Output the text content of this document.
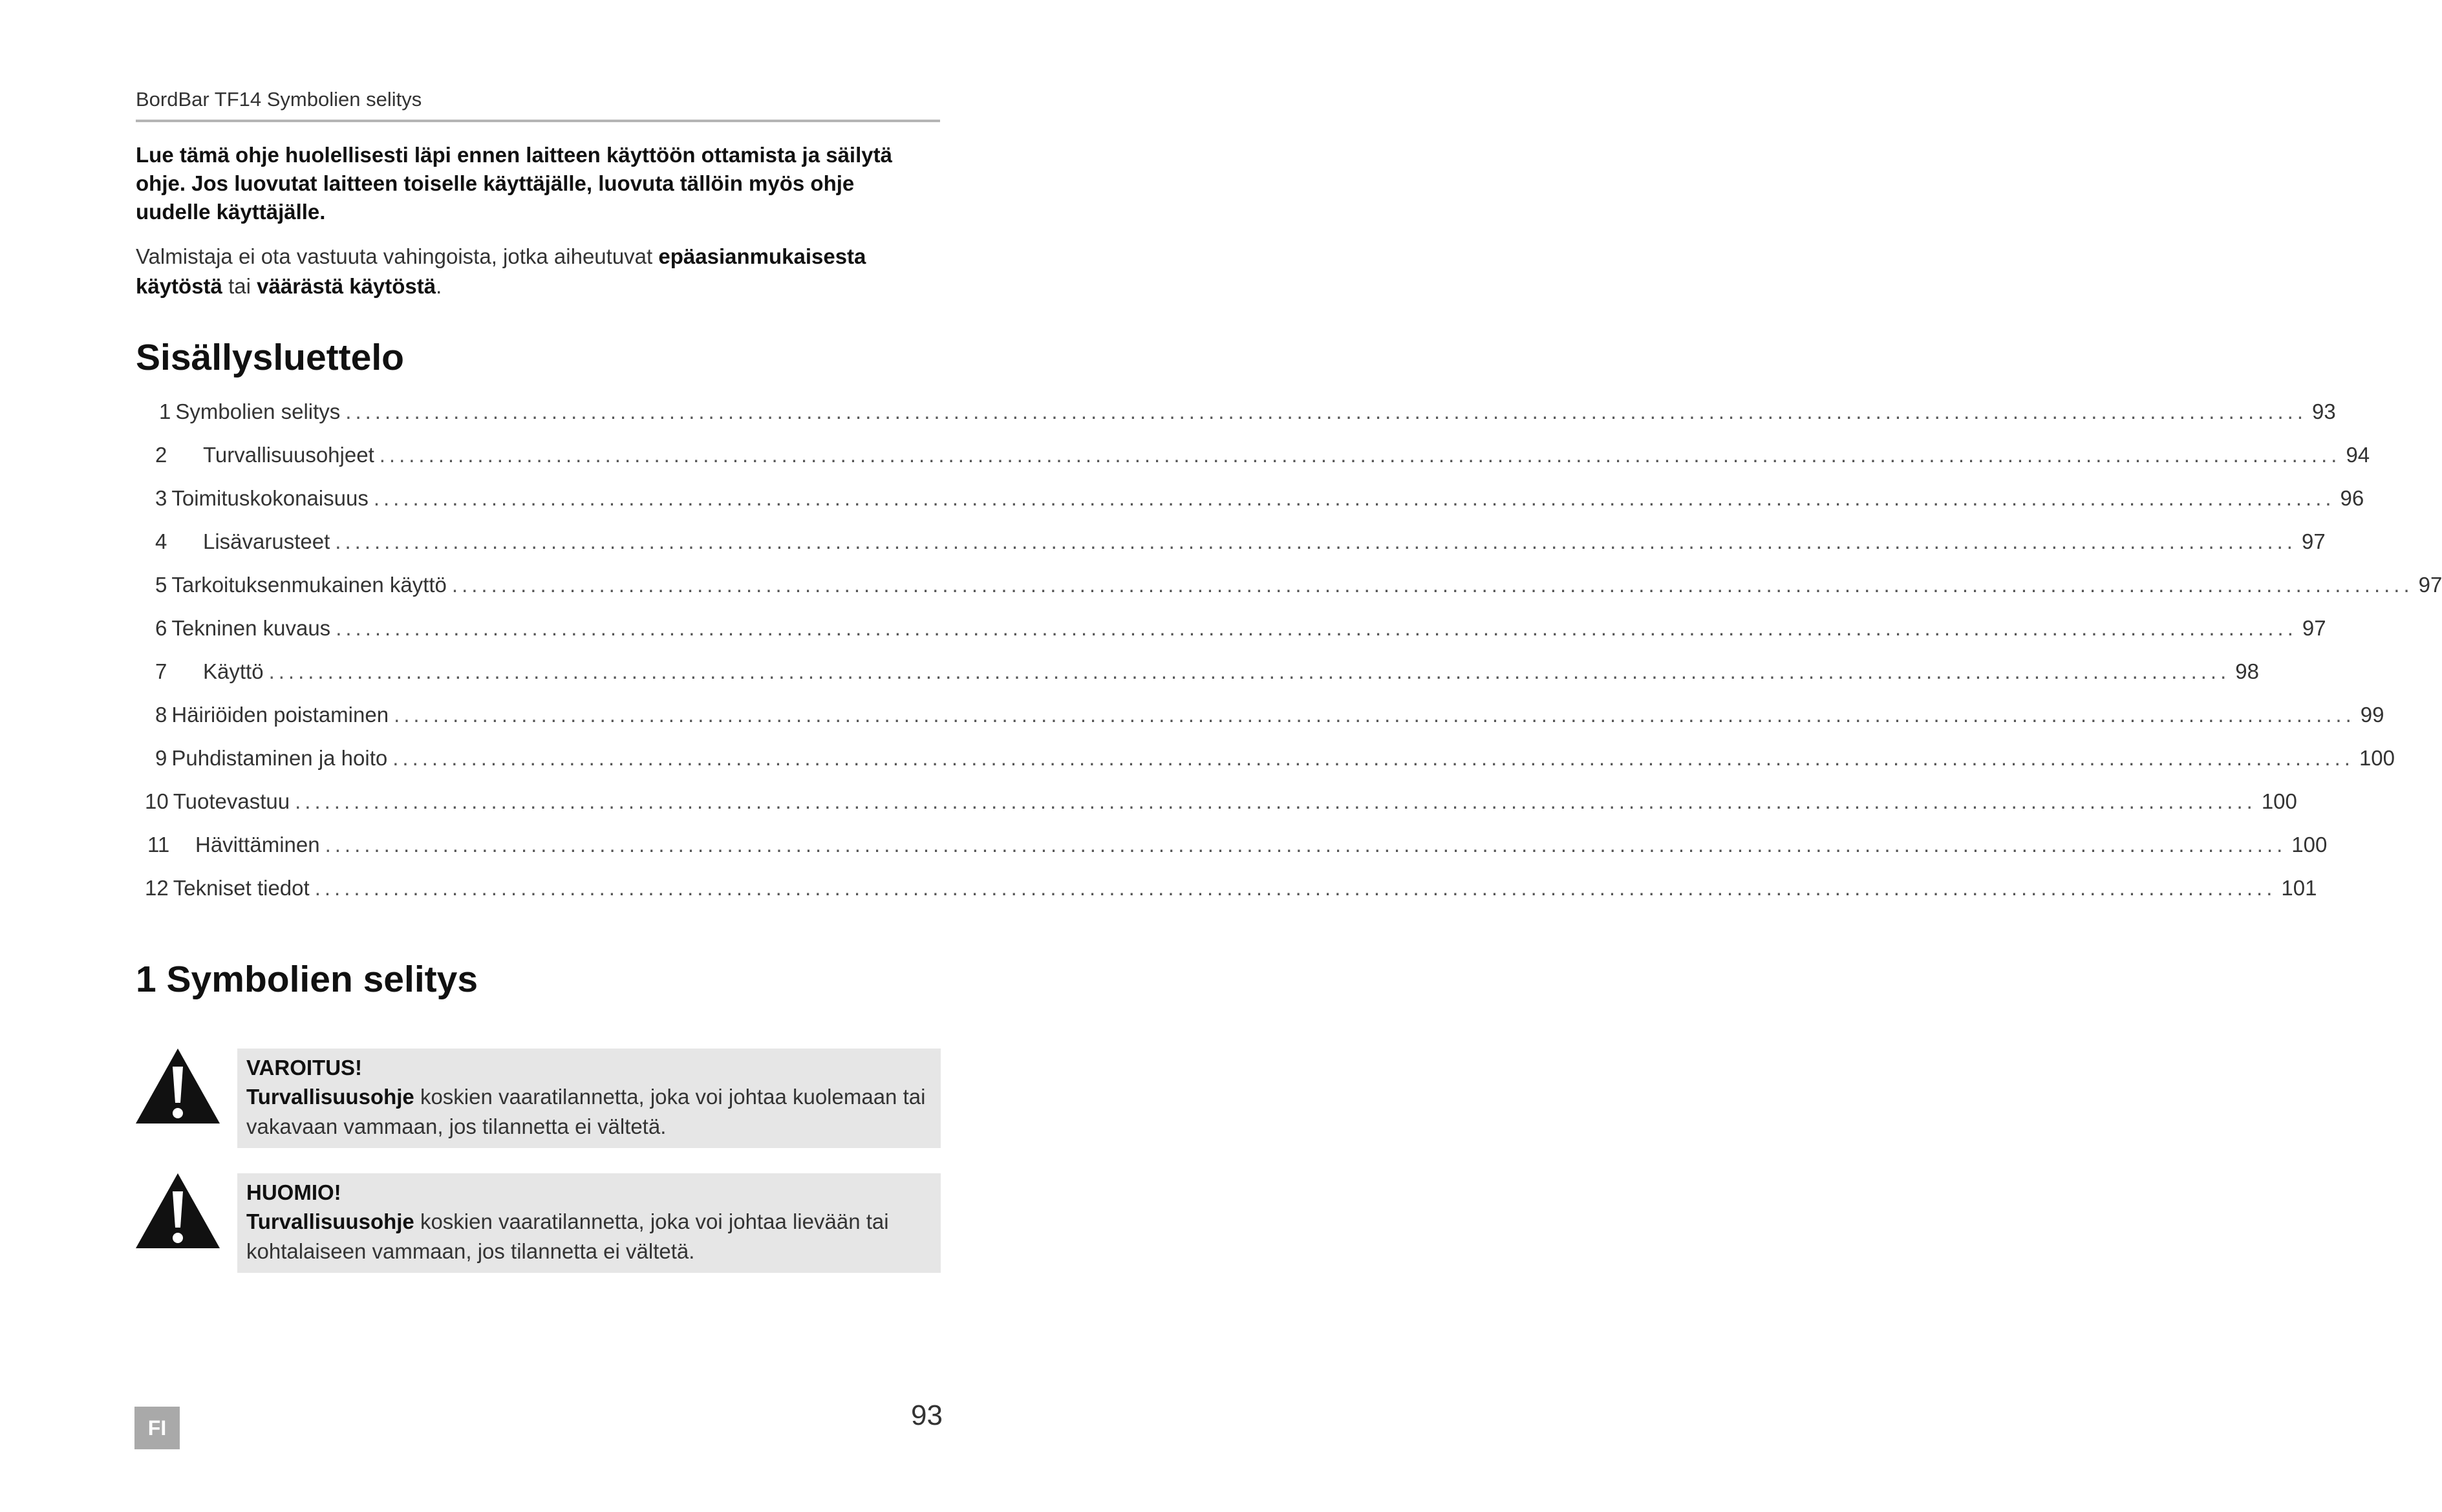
BordBar TF14 Symbolien selitys
Lue tämä ohje huolellisesti läpi ennen laitteen käyttöön ottamista ja säilytä
ohje. Jos luovutat laitteen toiselle käyttäjälle, luovuta tällöin myös ohje
uudelle käyttäjälle.
Valmistaja ei ota vastuuta vahingoista, jotka aiheutuvat epäasianmukaisesta käytöstä tai väärästä käytöstä.
Sisällysluettelo
1 Symbolien selitys ........................................................................................................................................................................................................ 93
2 Turvallisuusohjeet ........................................................................................................................................................................................................ 94
3 Toimituskokonaisuus ........................................................................................................................................................................................................ 96
4 Lisävarusteet ........................................................................................................................................................................................................ 97
5 Tarkoituksenmukainen käyttö ........................................................................................................................................................................................................ 97
6 Tekninen kuvaus ........................................................................................................................................................................................................ 97
7 Käyttö ........................................................................................................................................................................................................ 98
8 Häiriöiden poistaminen ........................................................................................................................................................................................................ 99
9 Puhdistaminen ja hoito ........................................................................................................................................................................................................ 100
10 Tuotevastuu ........................................................................................................................................................................................................ 100
11 Hävittäminen ........................................................................................................................................................................................................ 100
12 Tekniset tiedot ........................................................................................................................................................................................................ 101
1 Symbolien selitys
VAROITUS!
Turvallisuusohje koskien vaaratilannetta, joka voi johtaa kuolemaan tai
vakavaan vammaan, jos tilannetta ei vältetä.
HUOMIO!
Turvallisuusohje koskien vaaratilannetta, joka voi johtaa lievään tai
kohtalaiseen vammaan, jos tilannetta ei vältetä.
FI	93
